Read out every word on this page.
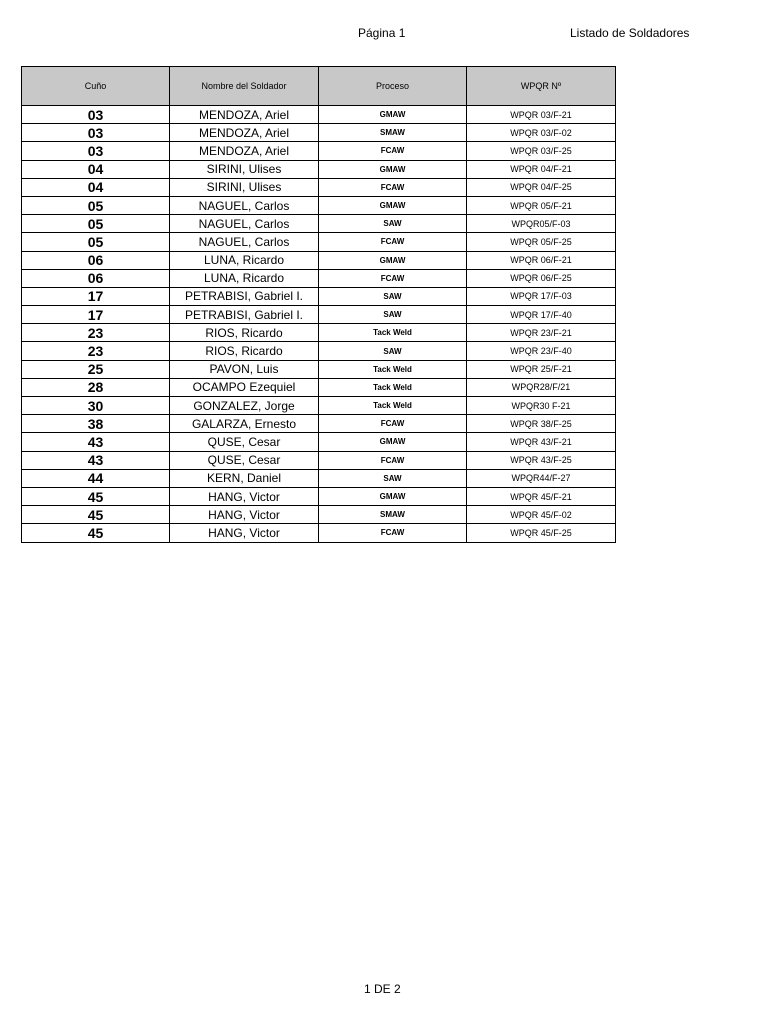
Página 1	Listado de Soldadores
Cuño	Nombre del Soldador	Proceso	WPQR Nº
03	MENDOZA, Ariel	GMAW	WPQR 03/F-21
03	MENDOZA, Ariel	SMAW	WPQR 03/F-02
03	MENDOZA, Ariel	FCAW	WPQR 03/F-25
04	SIRINI, Ulises	GMAW	WPQR 04/F-21
04	SIRINI, Ulises	FCAW	WPQR 04/F-25
05	NAGUEL, Carlos	GMAW	WPQR 05/F-21
05	NAGUEL, Carlos	SAW	WPQR05/F-03
05	NAGUEL, Carlos	FCAW	WPQR 05/F-25
06	LUNA, Ricardo	GMAW	WPQR 06/F-21
06	LUNA, Ricardo	FCAW	WPQR 06/F-25
17	PETRABISI, Gabriel I.	SAW	WPQR 17/F-03
17	PETRABISI, Gabriel I.	SAW	WPQR 17/F-40
23	RIOS, Ricardo	Tack Weld	WPQR 23/F-21
23	RIOS, Ricardo	SAW	WPQR 23/F-40
25	PAVON, Luis	Tack Weld	WPQR 25/F-21
28	OCAMPO Ezequiel	Tack Weld	WPQR28/F/21
30	GONZALEZ, Jorge	Tack Weld	WPQR30 F-21
38	GALARZA, Ernesto	FCAW	WPQR 38/F-25
43	QUSE, Cesar	GMAW	WPQR 43/F-21
43	QUSE, Cesar	FCAW	WPQR 43/F-25
44	KERN, Daniel	SAW	WPQR44/F-27
45	HANG, Victor	GMAW	WPQR 45/F-21
45	HANG, Victor	SMAW	WPQR 45/F-02
45	HANG, Victor	FCAW	WPQR 45/F-25
1 DE 2
